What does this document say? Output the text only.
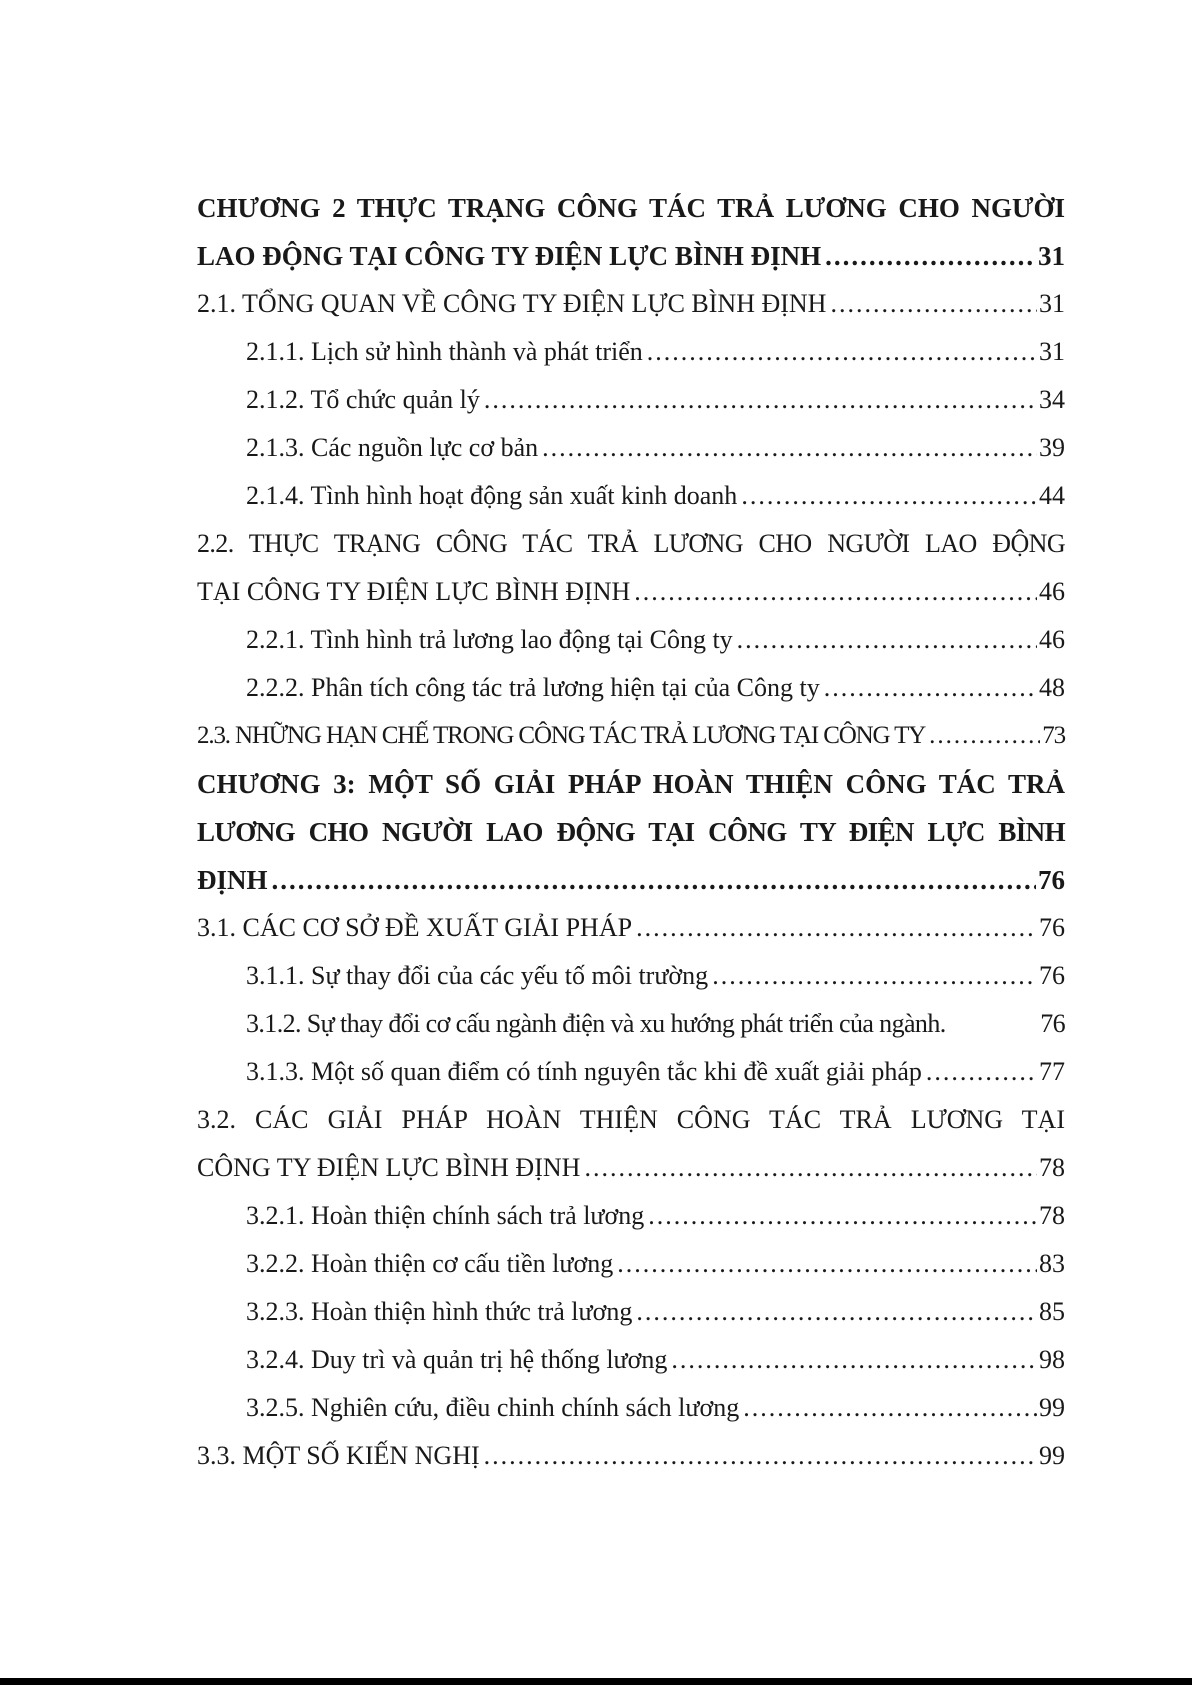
CHƯƠNG 2 THỰC TRẠNG CÔNG TÁC TRẢ LƯƠNG CHO NGƯỜI
LAO ĐỘNG TẠI CÔNG TY ĐIỆN LỰC BÌNH ĐỊNH .....	31
2.1. TỔNG QUAN VỀ CÔNG TY ĐIỆN LỰC BÌNH ĐỊNH .....	31
2.1.1. Lịch sử hình thành và phát triển .....	31
2.1.2. Tổ chức quản lý .....	34
2.1.3. Các nguồn lực cơ bản .....	39
2.1.4. Tình hình hoạt động sản xuất kinh doanh .....	44
2.2. THỰC TRẠNG CÔNG TÁC TRẢ LƯƠNG CHO NGƯỜI LAO ĐỘNG
TẠI CÔNG TY ĐIỆN LỰC BÌNH ĐỊNH .....	46
2.2.1. Tình hình trả lương lao động tại Công ty .....	46
2.2.2. Phân tích công tác trả lương hiện tại của Công ty .....	48
2.3. NHỮNG HẠN CHẾ TRONG CÔNG TÁC TRẢ LƯƠNG TẠI CÔNG TY .....	73
CHƯƠNG 3: MỘT SỐ GIẢI PHÁP HOÀN THIỆN CÔNG TÁC TRẢ
LƯƠNG CHO NGƯỜI LAO ĐỘNG TẠI CÔNG TY ĐIỆN LỰC BÌNH
ĐỊNH .....	76
3.1. CÁC CƠ SỞ ĐỀ XUẤT GIẢI PHÁP .....	76
3.1.1. Sự thay đổi của các yếu tố môi trường .....	76
3.1.2. Sự thay đổi cơ cấu ngành điện và xu hướng phát triển của ngành.	76
3.1.3. Một số quan điểm có tính nguyên tắc khi đề xuất giải pháp .....	77
3.2. CÁC GIẢI PHÁP HOÀN THIỆN CÔNG TÁC TRẢ LƯƠNG TẠI
CÔNG TY ĐIỆN LỰC BÌNH ĐỊNH .....	78
3.2.1. Hoàn thiện chính sách trả lương .....	78
3.2.2. Hoàn thiện cơ cấu tiền lương .....	83
3.2.3. Hoàn thiện hình thức trả lương .....	85
3.2.4. Duy trì và quản trị hệ thống lương .....	98
3.2.5. Nghiên cứu, điều chinh chính sách lương .....	99
3.3. MỘT SỐ KIẾN NGHỊ .....	99
